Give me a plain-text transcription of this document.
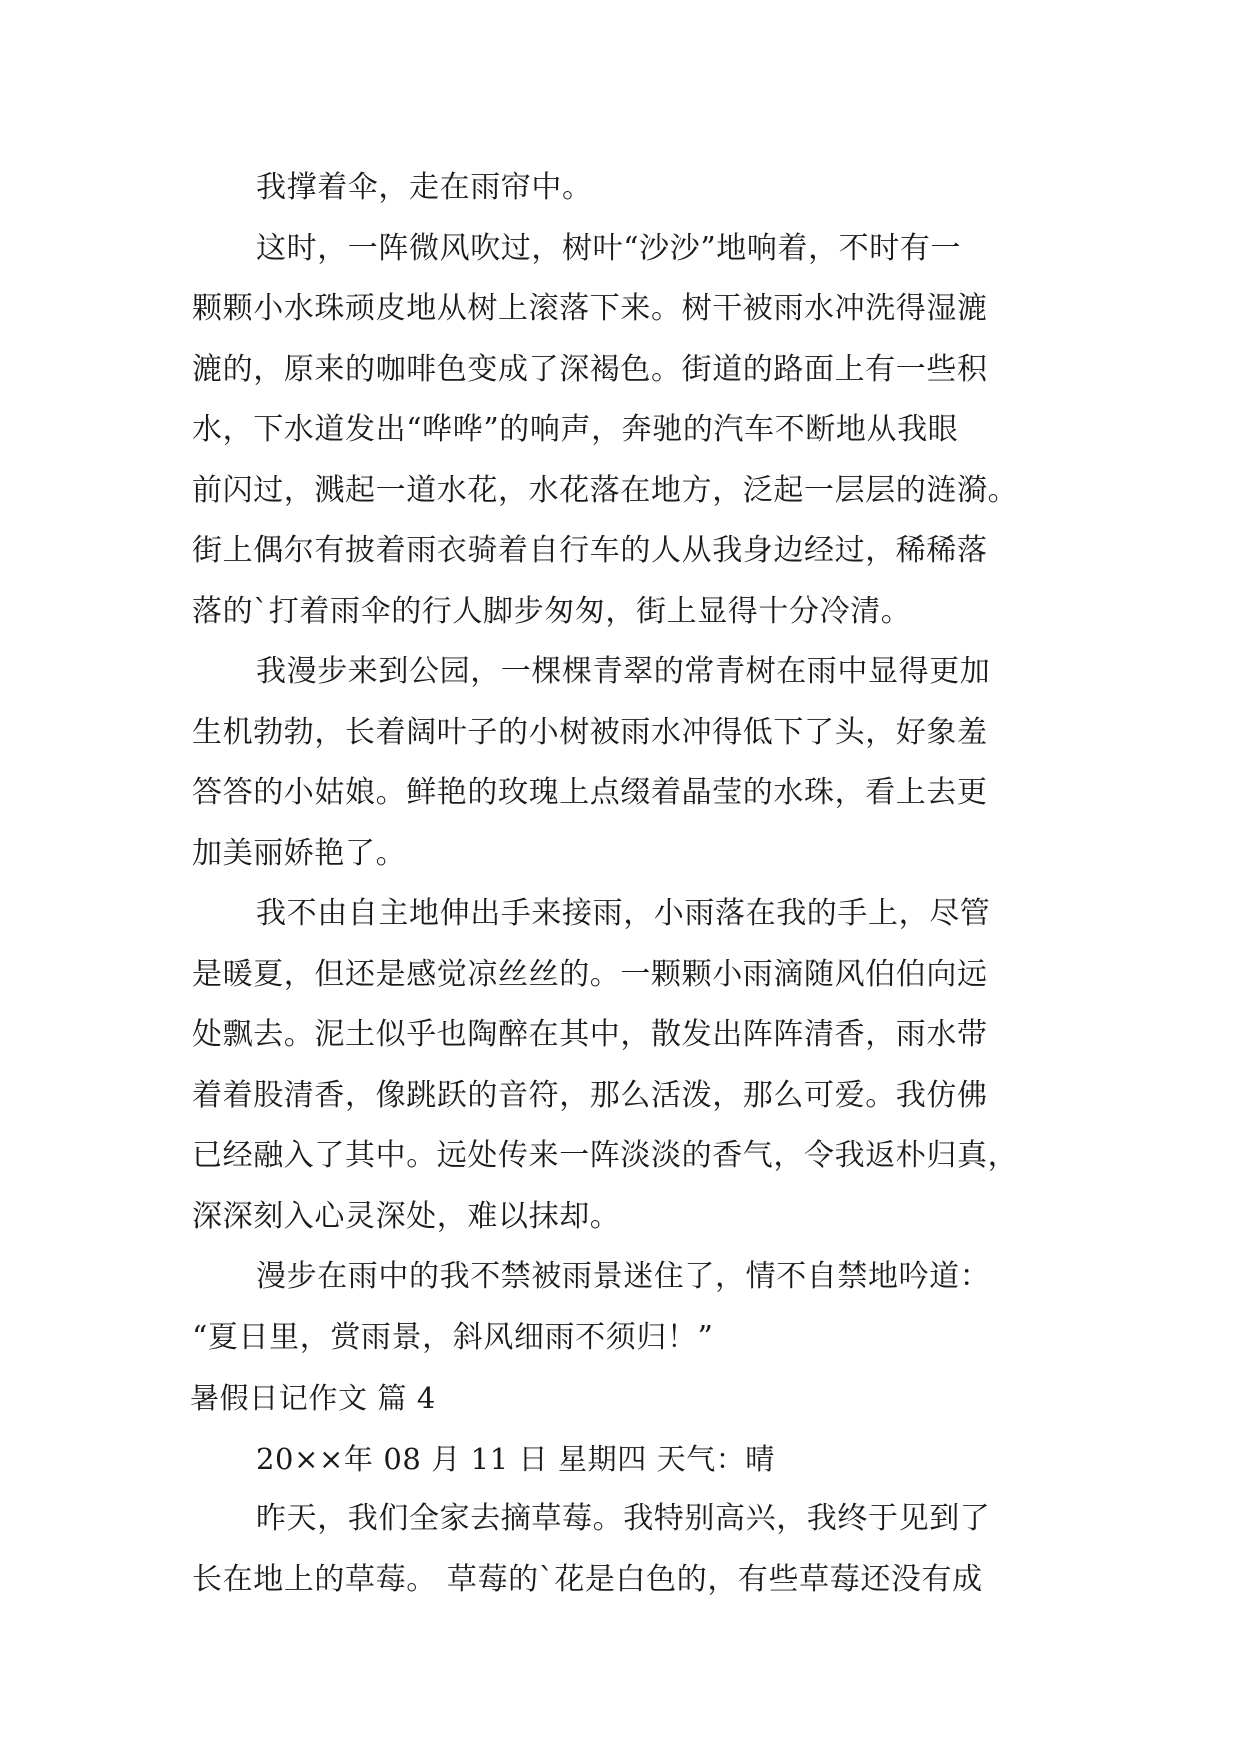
我撑着伞，走在雨帘中。
这时，一阵微风吹过，树叶“沙沙”地响着，不时有一
颗颗小水珠顽皮地从树上滚落下来。树干被雨水冲洗得湿漉
漉的，原来的咖啡色变成了深褐色。街道的路面上有一些积
水，下水道发出“哗哗”的响声，奔驰的汽车不断地从我眼
前闪过，溅起一道水花，水花落在地方，泛起一层层的涟漪。
街上偶尔有披着雨衣骑着自行车的人从我身边经过，稀稀落
落的`打着雨伞的行人脚步匆匆，街上显得十分冷清。
我漫步来到公园，一棵棵青翠的常青树在雨中显得更加
生机勃勃，长着阔叶子的小树被雨水冲得低下了头，好象羞
答答的小姑娘。鲜艳的玫瑰上点缀着晶莹的水珠，看上去更
加美丽娇艳了。
我不由自主地伸出手来接雨，小雨落在我的手上，尽管
是暖夏，但还是感觉凉丝丝的。一颗颗小雨滴随风伯伯向远
处飘去。泥土似乎也陶醉在其中，散发出阵阵清香，雨水带
着着股清香，像跳跃的音符，那么活泼，那么可爱。我仿佛
已经融入了其中。远处传来一阵淡淡的香气，令我返朴归真，
深深刻入心灵深处，难以抹却。
漫步在雨中的我不禁被雨景迷住了，情不自禁地吟道：
“夏日里，赏雨景，斜风细雨不须归！”
暑假日记作文 篇 4
20××年 08 月 11 日 星期四 天气：晴
昨天，我们全家去摘草莓。我特别高兴，我终于见到了
长在地上的草莓。 草莓的`花是白色的，有些草莓还没有成
